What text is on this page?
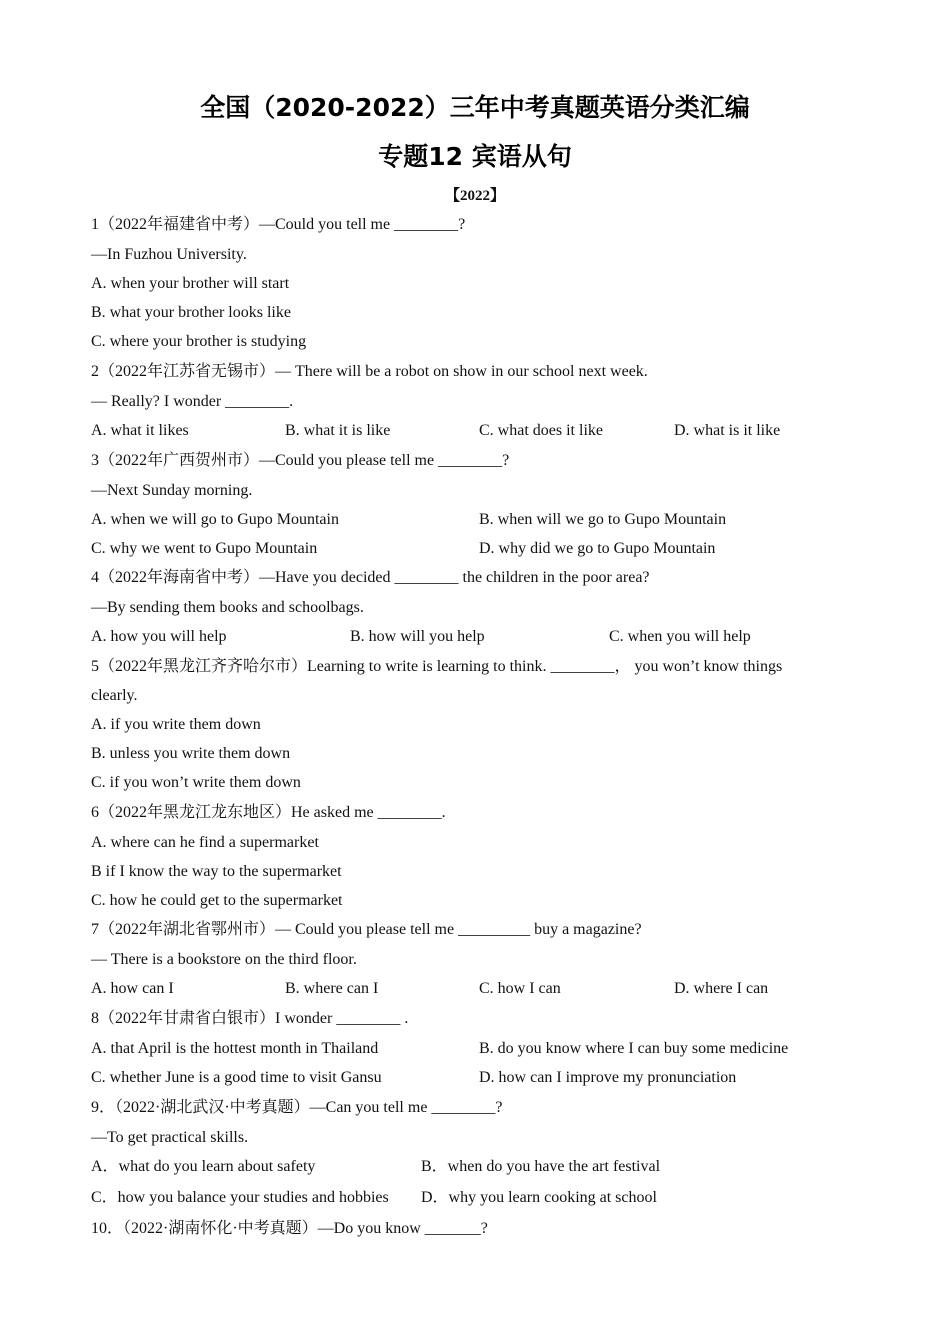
全国（2020-2022）三年中考真题英语分类汇编
专题12 宾语从句
【2022】
1（2022年福建省中考）—Could you tell me ________?
—In Fuzhou University.
A. when your brother will start
B. what your brother looks like
C. where your brother is studying
2（2022年江苏省无锡市）— There will be a robot on show in our school next week.
— Really? I wonder ________.
A. what it likes	B. what it is like	C. what does it like	D. what is it like
3（2022年广西贺州市）—Could you please tell me ________?
—Next Sunday morning.
A. when we will go to Gupo Mountain	B. when will we go to Gupo Mountain
C. why we went to Gupo Mountain	D. why did we go to Gupo Mountain
4（2022年海南省中考）—Have you decided ________ the children in the poor area?
—By sending them books and schoolbags.
A. how you will help	B. how will you help	C. when you will help
5（2022年黑龙江齐齐哈尔市）Learning to write is learning to think. ________， you won’t know things
clearly.
A. if you write them down
B. unless you write them down
C. if you won’t write them down
6（2022年黑龙江龙东地区）He asked me ________.
A. where can he find a supermarket
B if I know the way to the supermarket
C. how he could get to the supermarket
7（2022年湖北省鄂州市）— Could you please tell me _________ buy a magazine?
— There is a bookstore on the third floor.
A. how can I	B. where can I	C. how I can	D. where I can
8（2022年甘肃省白银市）I wonder ________ .
A. that April is the hottest month in Thailand	B. do you know where I can buy some medicine
C. whether June is a good time to visit Gansu	D. how can I improve my pronunciation
9．（2022·湖北武汉·中考真题）—Can you tell me ________?
—To get practical skills.
A．what do you learn about safety	B．when do you have the art festival
C．how you balance your studies and hobbies D．why you learn cooking at school
10．（2022·湖南怀化·中考真题）—Do you know _______?
